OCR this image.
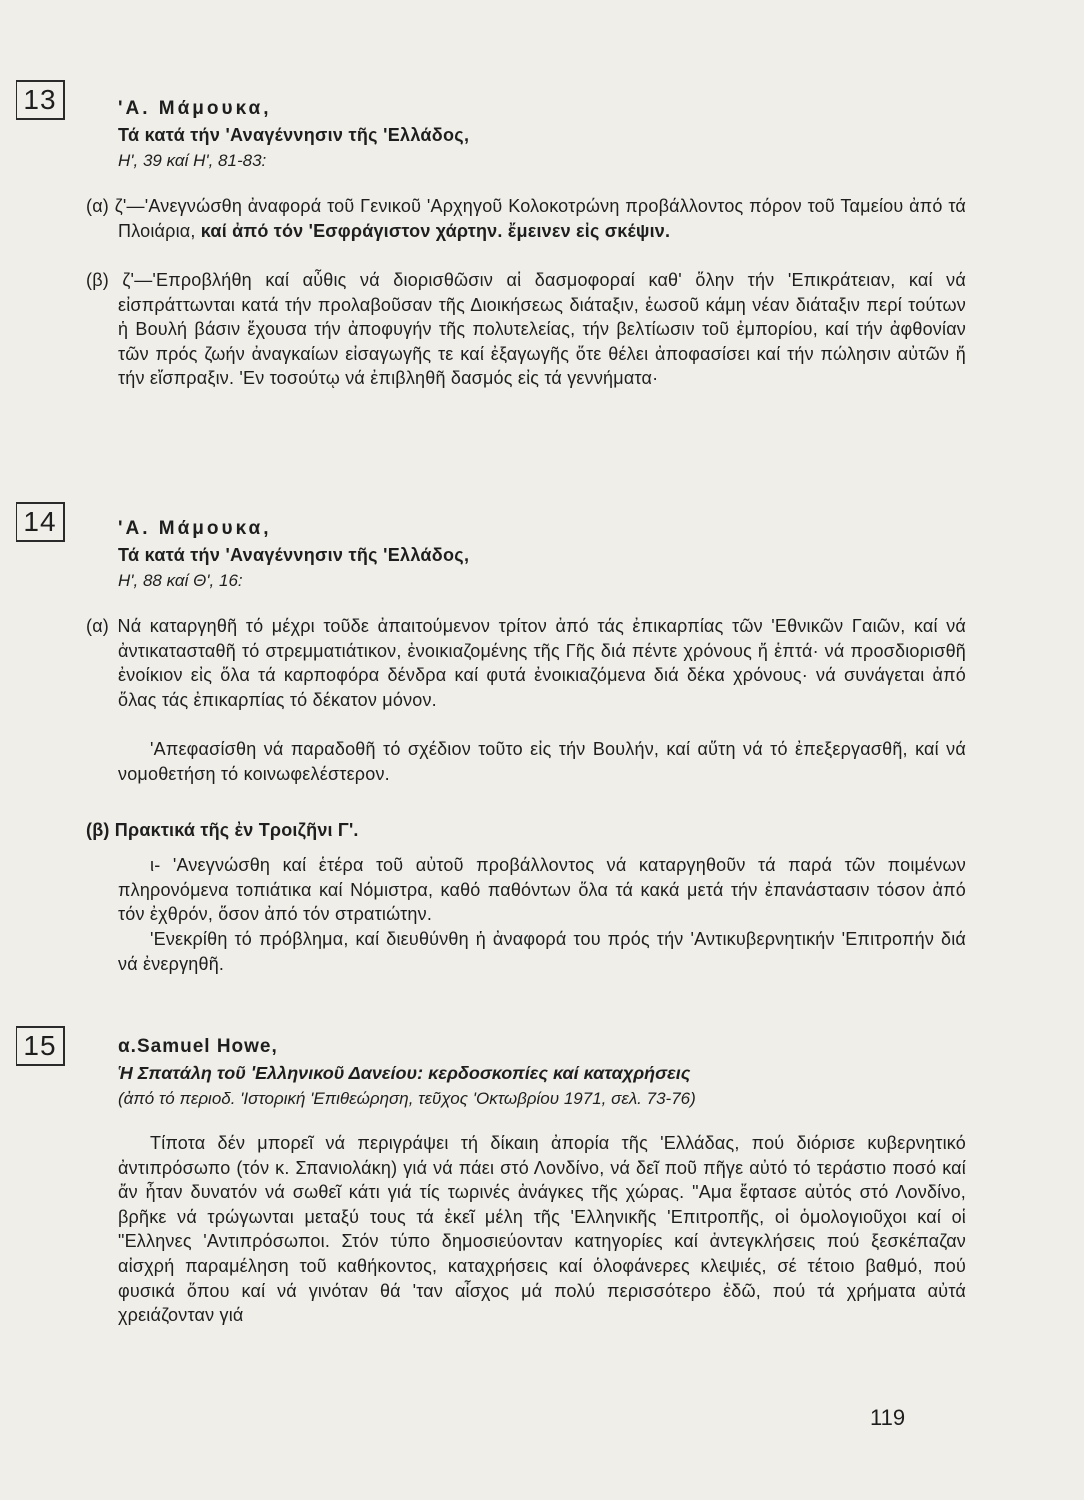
13	'Α. Μάμουκα,
Τά κατά τήν 'Αναγέννησιν τῆς 'Ελλάδος,
Η', 39 καί Η', 81-83:
(α) ζ'—'Ανεγνώσθη ἀναφορά τοῦ Γενικοῦ 'Αρχηγοῦ Κολοκοτρώνη προβάλλοντος πόρον τοῦ Ταμείου ἀπό τά Πλοιάρια, καί ἀπό τόν 'Εσφράγιστον χάρτην. ἔμεινεν εἰς σκέψιν.
(β) ζ'—'Επροβλήθη καί αὖθις νά διορισθῶσιν αἱ δασμοφοραί καθ' ὅλην τήν 'Επικράτειαν, καί νά εἰσπράττωνται κατά τήν προλαβοῦσαν τῆς Διοικήσεως διάταξιν, ἑωσοῦ κάμη νέαν διάταξιν περί τούτων ἡ Βουλή βάσιν ἔχουσα τήν ἀποφυγήν τῆς πολυτελείας, τήν βελτίωσιν τοῦ ἐμπορίου, καί τήν ἀφθονίαν τῶν πρός ζωήν ἀναγκαίων εἰσαγωγῆς τε καί ἐξαγωγῆς ὅτε θέλει ἀποφασίσει καί τήν πώλησιν αὐτῶν ἤ τήν εἴσπραξιν. 'Εν τοσούτῳ νά ἐπιβληθῆ δασμός εἰς τά γεννήματα·
14	'Α. Μάμουκα,
Τά κατά τήν 'Αναγέννησιν τῆς 'Ελλάδος,
Η', 88 καί Θ', 16:
(α) Νά καταργηθῆ τό μέχρι τοῦδε ἀπαιτούμενον τρίτον ἀπό τάς ἐπικαρπίας τῶν 'Εθνικῶν Γαιῶν, καί νά ἀντικατασταθῆ τό στρεμματιάτικον, ἐνοικιαζομένης τῆς Γῆς διά πέντε χρόνους ἤ ἑπτά· νά προσδιορισθῆ ἐνοίκιον εἰς ὅλα τά καρποφόρα δένδρα καί φυτά ἐνοικιαζόμενα διά δέκα χρόνους· νά συνάγεται ἀπό ὅλας τάς ἐπικαρπίας τό δέκατον μόνον.
'Απεφασίσθη νά παραδοθῆ τό σχέδιον τοῦτο εἰς τήν Βουλήν, καί αὕτη νά τό ἐπεξεργασθῆ, καί νά νομοθετήση τό κοινωφελέστερον.
(β) Πρακτικά τῆς ἐν Τροιζῆνι Γ'.
ι- 'Ανεγνώσθη καί ἑτέρα τοῦ αὐτοῦ προβάλλοντος νά καταργηθοῦν τά παρά τῶν ποιμένων πληρονόμενα τοπιάτικα καί Νόμιστρα, καθό παθόντων ὅλα τά κακά μετά τήν ἐπανάστασιν τόσον ἀπό τόν ἐχθρόν, ὅσον ἀπό τόν στρατιώτην.
'Ενεκρίθη τό πρόβλημα, καί διευθύνθη ἡ ἀναφορά του πρός τήν 'Αντικυβερνητικήν 'Επιτροπήν διά νά ἐνεργηθῆ.
15	α.Samuel Howe,
Ἡ Σπατάλη τοῦ 'Ελληνικοῦ Δανείου: κερδοσκοπίες καί καταχρήσεις
(ἀπό τό περιοδ. 'Ιστορική 'Επιθεώρηση, τεῦχος 'Οκτωβρίου 1971, σελ. 73-76)
Τίποτα δέν μπορεῖ νά περιγράψει τή δίκαιη ἀπορία τῆς 'Ελλάδας, πού διόρισε κυβερνητικό ἀντιπρόσωπο (τόν κ. Σπανιολάκη) γιά νά πάει στό Λονδίνο, νά δεῖ ποῦ πῆγε αὐτό τό τεράστιο ποσό καί ἄν ἦταν δυνατόν νά σωθεῖ κάτι γιά τίς τωρινές ἀνάγκες τῆς χώρας. "Αμα ἔφτασε αὐτός στό Λονδίνο, βρῆκε νά τρώγωνται μεταξύ τους τά ἐκεῖ μέλη τῆς 'Ελληνικῆς 'Επιτροπῆς, οἱ ὁμολογιοῦχοι καί οἱ "Ελληνες 'Αντιπρόσωποι. Στόν τύπο δημοσιεύονταν κατηγορίες καί ἀντεγκλήσεις πού ξεσκέπαζαν αἰσχρή παραμέληση τοῦ καθήκοντος, καταχρήσεις καί ὁλοφάνερες κλεψιές, σέ τέτοιο βαθμό, πού φυσικά ὅπου καί νά γινόταν θά 'ταν αἶσχος μά πολύ περισσότερο ἐδῶ, πού τά χρήματα αὐτά χρειάζονταν γιά
119
